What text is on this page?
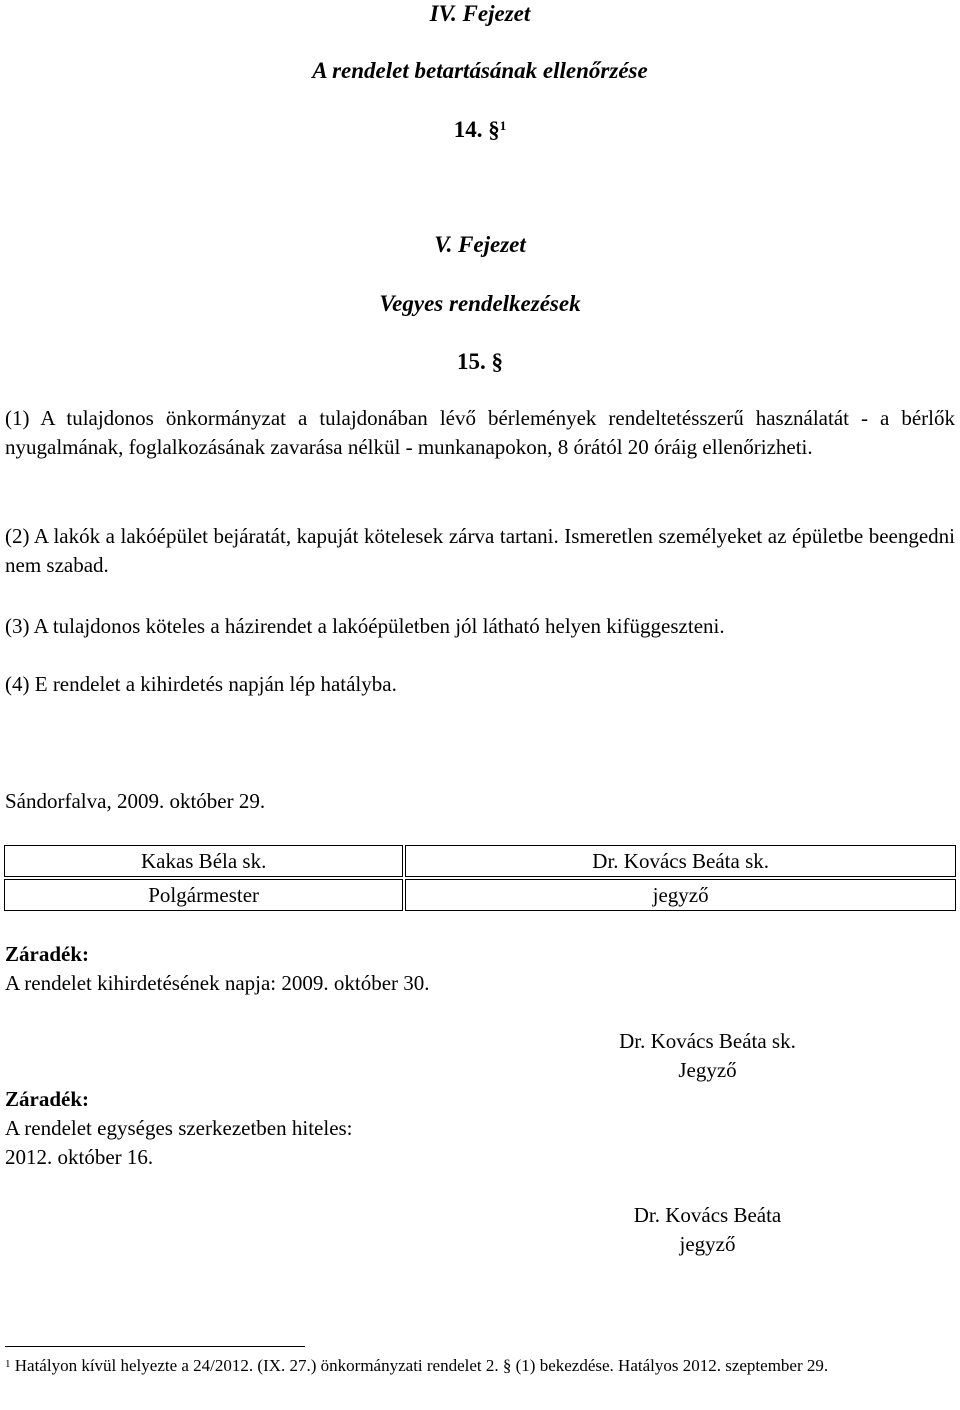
IV. Fejezet
A rendelet betartásának ellenőrzése
14. §$^1$
V. Fejezet
Vegyes rendelkezések
15. §
(1) A tulajdonos önkormányzat a tulajdonában lévő bérlemények rendeltetésszerű használatát - a bérlők nyugalmának, foglalkozásának zavarása nélkül - munkanapokon, 8 órától 20 óráig ellenőrizheti.
(2) A lakók a lakóépület bejáratát, kapuját kötelesek zárva tartani. Ismeretlen személyeket az épületbe beengedni nem szabad.
(3) A tulajdonos köteles a házirendet a lakóépületben jól látható helyen kifüggeszteni.
(4) E rendelet a kihirdetés napján lép hatályba.
Sándorfalva, 2009. október 29.
Kakas Béla sk.	Dr. Kovács Beáta sk.
Polgármester	jegyző
Záradék:
A rendelet kihirdetésének napja: 2009. október 30.
Dr. Kovács Beáta sk.
Jegyző
Záradék:
A rendelet egységes szerkezetben hiteles:
2012. október 16.
Dr. Kovács Beáta
jegyző
$^1$ Hatályon kívül helyezte a 24/2012. (IX. 27.) önkormányzati rendelet 2. § (1) bekezdése. Hatályos 2012. szeptember 29.
